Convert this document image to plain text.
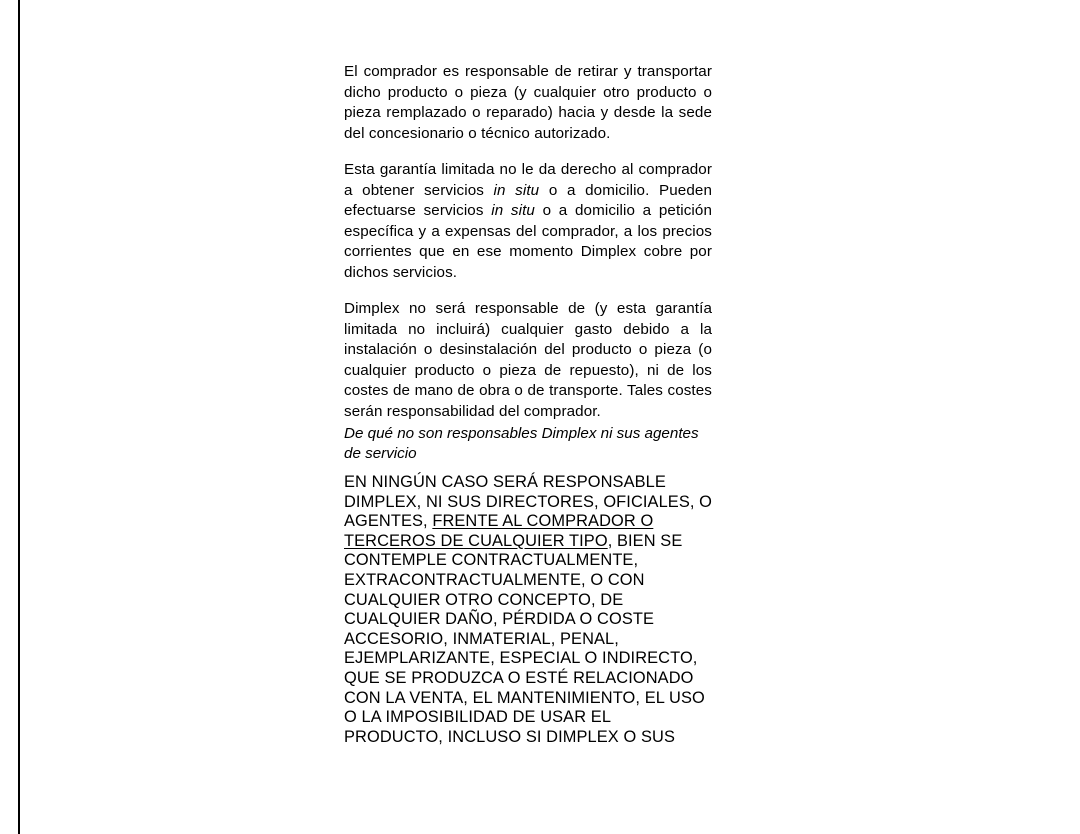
El comprador es responsable de retirar y transportar dicho producto o pieza (y cualquier otro producto o pieza remplazado o reparado) hacia y desde la sede del concesionario o técnico autorizado.

Esta garantía limitada no le da derecho al comprador a obtener servicios in situ o a domicilio. Pueden efectuarse servicios in situ o a domicilio a petición específica y a expensas del comprador, a los precios corrientes que en ese momento Dimplex cobre por dichos servicios.

Dimplex no será responsable de (y esta garantía limitada no incluirá) cualquier gasto debido a la instalación o desinstalación del producto o pieza (o cualquier producto o pieza de repuesto), ni de los costes de mano de obra o de transporte. Tales costes serán responsabilidad del comprador.

De qué no son responsables Dimplex ni sus agentes de servicio
EN NINGÚN CASO SERÁ RESPONSABLE DIMPLEX, NI SUS DIRECTORES, OFICIALES, O AGENTES, FRENTE AL COMPRADOR O TERCEROS DE CUALQUIER TIPO, BIEN SE CONTEMPLE CONTRACTUALMENTE, EXTRACONTRACTUALMENTE, O CON CUALQUIER OTRO CONCEPTO, DE CUALQUIER DAÑO, PÉRDIDA O COSTE ACCESORIO, INMATERIAL, PENAL, EJEMPLARIZANTE, ESPECIAL O INDIRECTO, QUE SE PRODUZCA O ESTÉ RELACIONADO CON LA VENTA, EL MANTENIMIENTO, EL USO O LA IMPOSIBILIDAD DE USAR EL PRODUCTO, INCLUSO SI DIMPLEX O SUS
